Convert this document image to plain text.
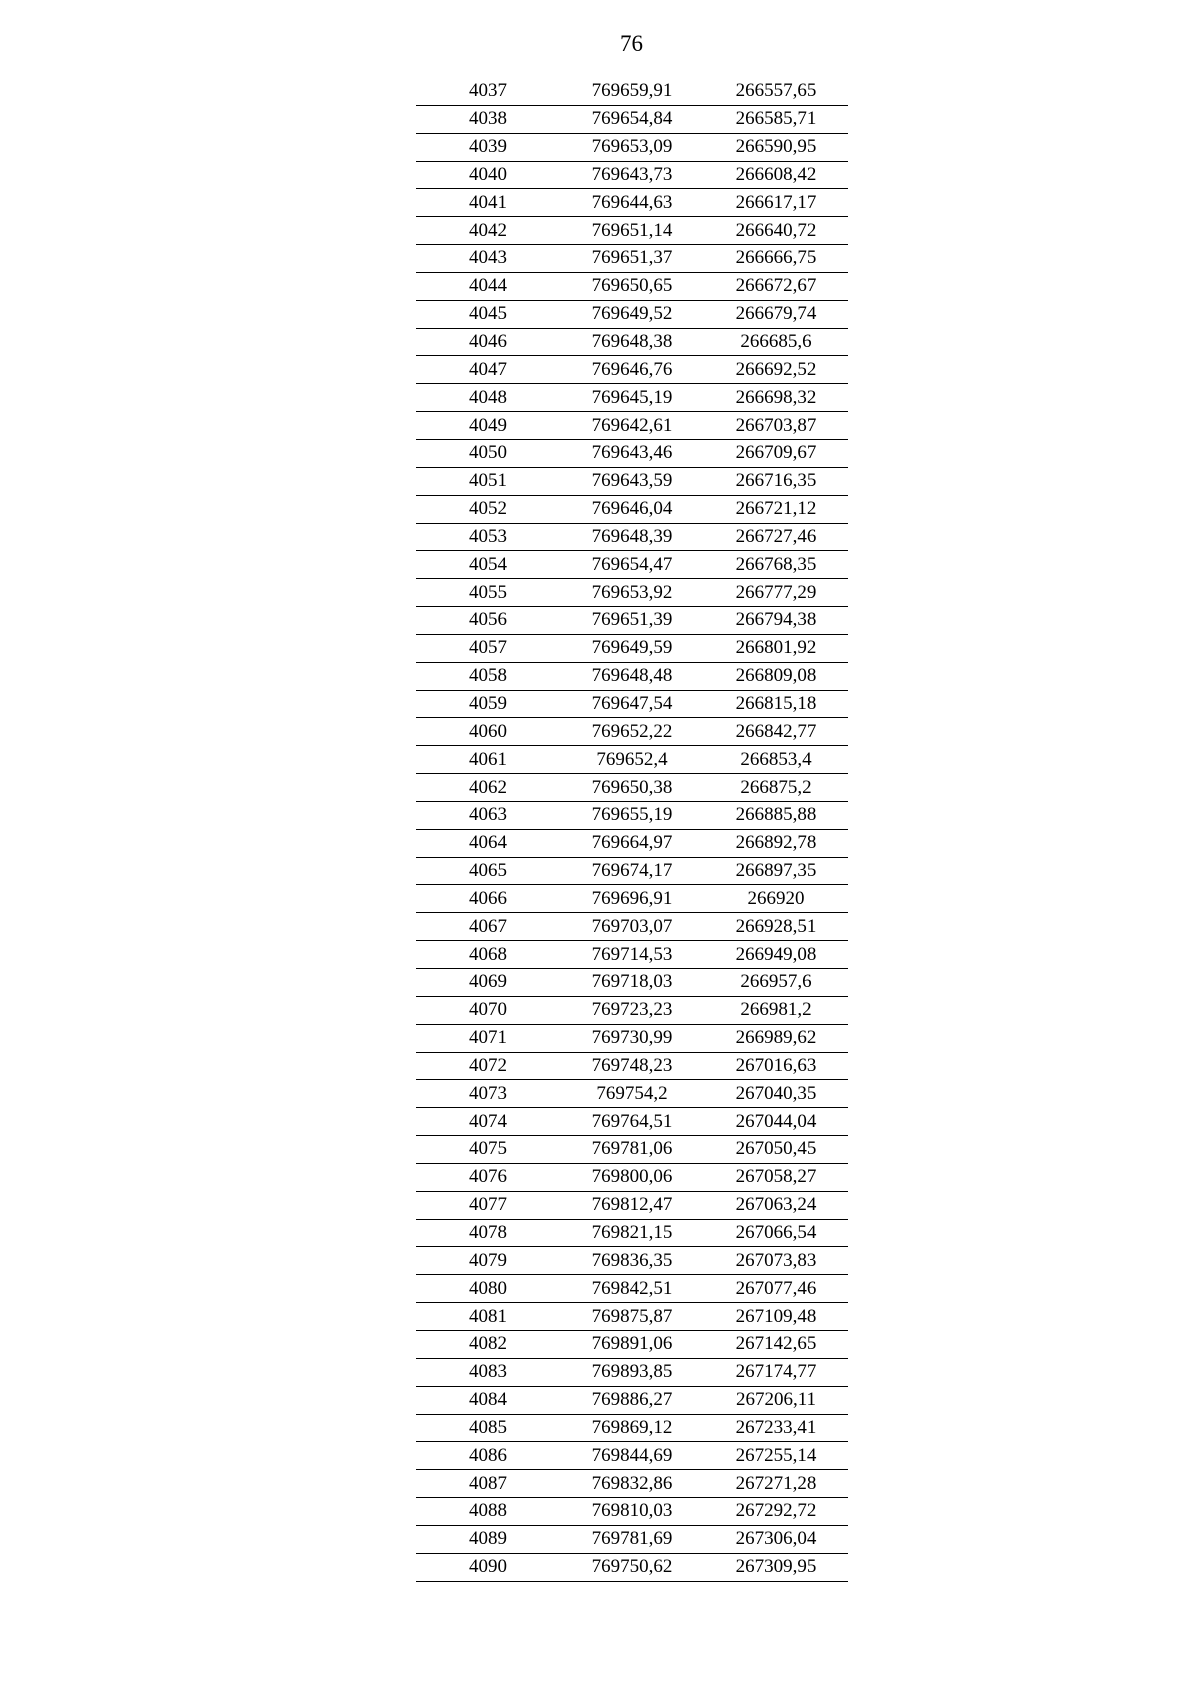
76
4037	769659,91	266557,65
4038	769654,84	266585,71
4039	769653,09	266590,95
4040	769643,73	266608,42
4041	769644,63	266617,17
4042	769651,14	266640,72
4043	769651,37	266666,75
4044	769650,65	266672,67
4045	769649,52	266679,74
4046	769648,38	266685,6
4047	769646,76	266692,52
4048	769645,19	266698,32
4049	769642,61	266703,87
4050	769643,46	266709,67
4051	769643,59	266716,35
4052	769646,04	266721,12
4053	769648,39	266727,46
4054	769654,47	266768,35
4055	769653,92	266777,29
4056	769651,39	266794,38
4057	769649,59	266801,92
4058	769648,48	266809,08
4059	769647,54	266815,18
4060	769652,22	266842,77
4061	769652,4	266853,4
4062	769650,38	266875,2
4063	769655,19	266885,88
4064	769664,97	266892,78
4065	769674,17	266897,35
4066	769696,91	266920
4067	769703,07	266928,51
4068	769714,53	266949,08
4069	769718,03	266957,6
4070	769723,23	266981,2
4071	769730,99	266989,62
4072	769748,23	267016,63
4073	769754,2	267040,35
4074	769764,51	267044,04
4075	769781,06	267050,45
4076	769800,06	267058,27
4077	769812,47	267063,24
4078	769821,15	267066,54
4079	769836,35	267073,83
4080	769842,51	267077,46
4081	769875,87	267109,48
4082	769891,06	267142,65
4083	769893,85	267174,77
4084	769886,27	267206,11
4085	769869,12	267233,41
4086	769844,69	267255,14
4087	769832,86	267271,28
4088	769810,03	267292,72
4089	769781,69	267306,04
4090	769750,62	267309,95
